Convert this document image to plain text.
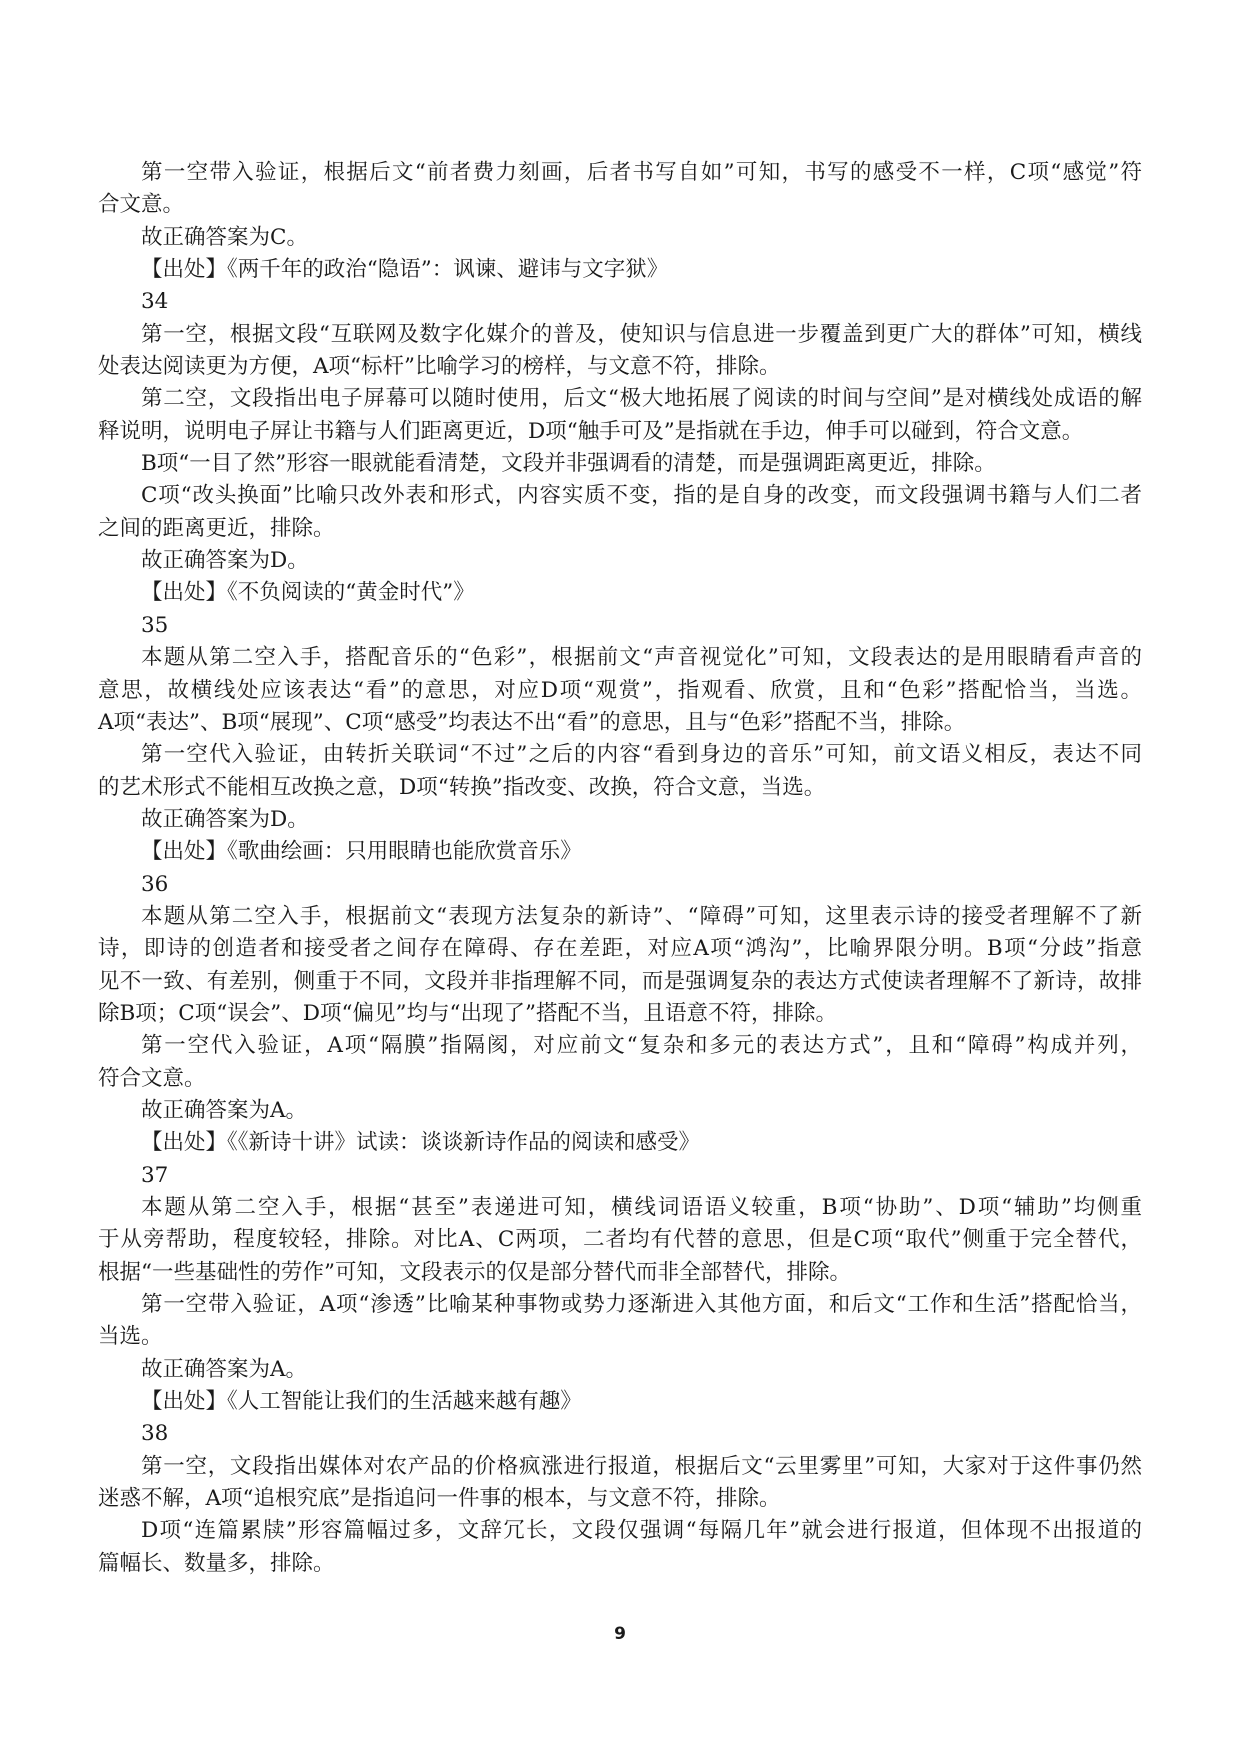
第一空带入验证，根据后文“前者费力刻画，后者书写自如”可知，书写的感受不一样，C项“感觉”符
合文意。
故正确答案为C。
【出处】《两千年的政治“隐语”：讽谏、避讳与文字狱》
34
第一空，根据文段“互联网及数字化媒介的普及，使知识与信息进一步覆盖到更广大的群体”可知，横线
处表达阅读更为方便，A项“标杆”比喻学习的榜样，与文意不符，排除。
第二空，文段指出电子屏幕可以随时使用，后文“极大地拓展了阅读的时间与空间”是对横线处成语的解
释说明，说明电子屏让书籍与人们距离更近，D项“触手可及”是指就在手边，伸手可以碰到，符合文意。
B项“一目了然”形容一眼就能看清楚，文段并非强调看的清楚，而是强调距离更近，排除。
C项“改头换面”比喻只改外表和形式，内容实质不变，指的是自身的改变，而文段强调书籍与人们二者
之间的距离更近，排除。
故正确答案为D。
【出处】《不负阅读的“黄金时代”》
35
本题从第二空入手，搭配音乐的“色彩”，根据前文“声音视觉化”可知，文段表达的是用眼睛看声音的
意思，故横线处应该表达“看”的意思，对应D项“观赏”，指观看、欣赏，且和“色彩”搭配恰当，当选。
A项“表达”、B项“展现”、C项“感受”均表达不出“看”的意思，且与“色彩”搭配不当，排除。
第一空代入验证，由转折关联词“不过”之后的内容“看到身边的音乐”可知，前文语义相反，表达不同
的艺术形式不能相互改换之意，D项“转换”指改变、改换，符合文意，当选。
故正确答案为D。
【出处】《歌曲绘画：只用眼睛也能欣赏音乐》
36
本题从第二空入手，根据前文“表现方法复杂的新诗”、“障碍”可知，这里表示诗的接受者理解不了新
诗，即诗的创造者和接受者之间存在障碍、存在差距，对应A项“鸿沟”，比喻界限分明。B项“分歧”指意
见不一致、有差别，侧重于不同，文段并非指理解不同，而是强调复杂的表达方式使读者理解不了新诗，故排
除B项；C项“误会”、D项“偏见”均与“出现了”搭配不当，且语意不符，排除。
第一空代入验证，A项“隔膜”指隔阂，对应前文“复杂和多元的表达方式”，且和“障碍”构成并列，
符合文意。
故正确答案为A。
【出处】《《新诗十讲》试读：谈谈新诗作品的阅读和感受》
37
本题从第二空入手，根据“甚至”表递进可知，横线词语语义较重，B项“协助”、D项“辅助”均侧重
于从旁帮助，程度较轻，排除。对比A、C两项，二者均有代替的意思，但是C项“取代”侧重于完全替代，
根据“一些基础性的劳作”可知，文段表示的仅是部分替代而非全部替代，排除。
第一空带入验证，A项“渗透”比喻某种事物或势力逐渐进入其他方面，和后文“工作和生活”搭配恰当，
当选。
故正确答案为A。
【出处】《人工智能让我们的生活越来越有趣》
38
第一空，文段指出媒体对农产品的价格疯涨进行报道，根据后文“云里雾里”可知，大家对于这件事仍然
迷惑不解，A项“追根究底”是指追问一件事的根本，与文意不符，排除。
D项“连篇累牍”形容篇幅过多，文辞冗长，文段仅强调“每隔几年”就会进行报道，但体现不出报道的
篇幅长、数量多，排除。
9
